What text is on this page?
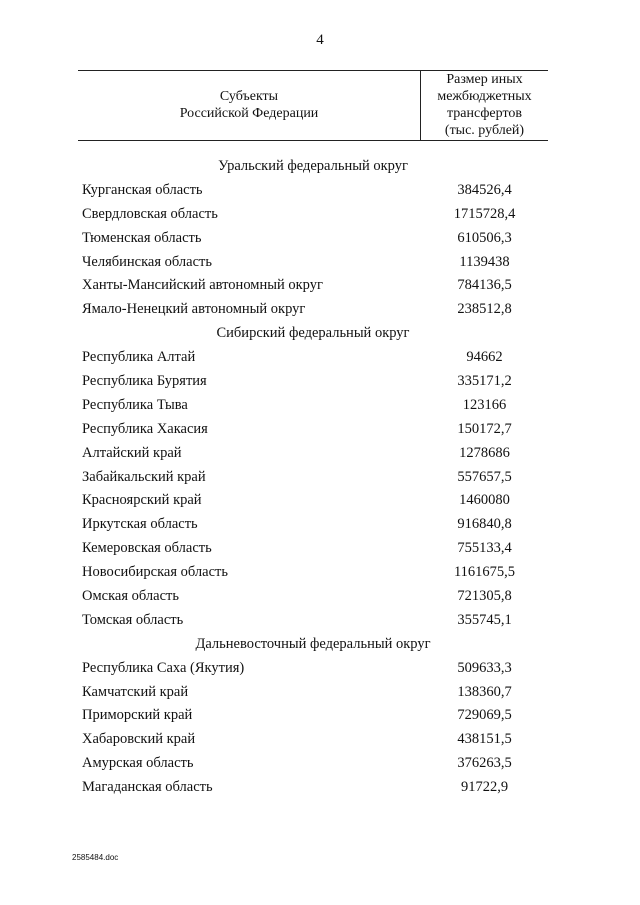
4
Субъекты
Российской Федерации
Размер иных
межбюджетных
трансфертов
(тыс. рублей)
Уральский федеральный округ
Курганская область	384526,4
Свердловская область	1715728,4
Тюменская область	610506,3
Челябинская область	1139438
Ханты-Мансийский автономный округ	784136,5
Ямало-Ненецкий автономный округ	238512,8
Сибирский федеральный округ
Республика Алтай	94662
Республика Бурятия	335171,2
Республика Тыва	123166
Республика Хакасия	150172,7
Алтайский край	1278686
Забайкальский край	557657,5
Красноярский край	1460080
Иркутская область	916840,8
Кемеровская область	755133,4
Новосибирская область	1161675,5
Омская область	721305,8
Томская область	355745,1
Дальневосточный федеральный округ
Республика Саха (Якутия)	509633,3
Камчатский край	138360,7
Приморский край	729069,5
Хабаровский край	438151,5
Амурская область	376263,5
Магаданская область	91722,9
2585484.doc
